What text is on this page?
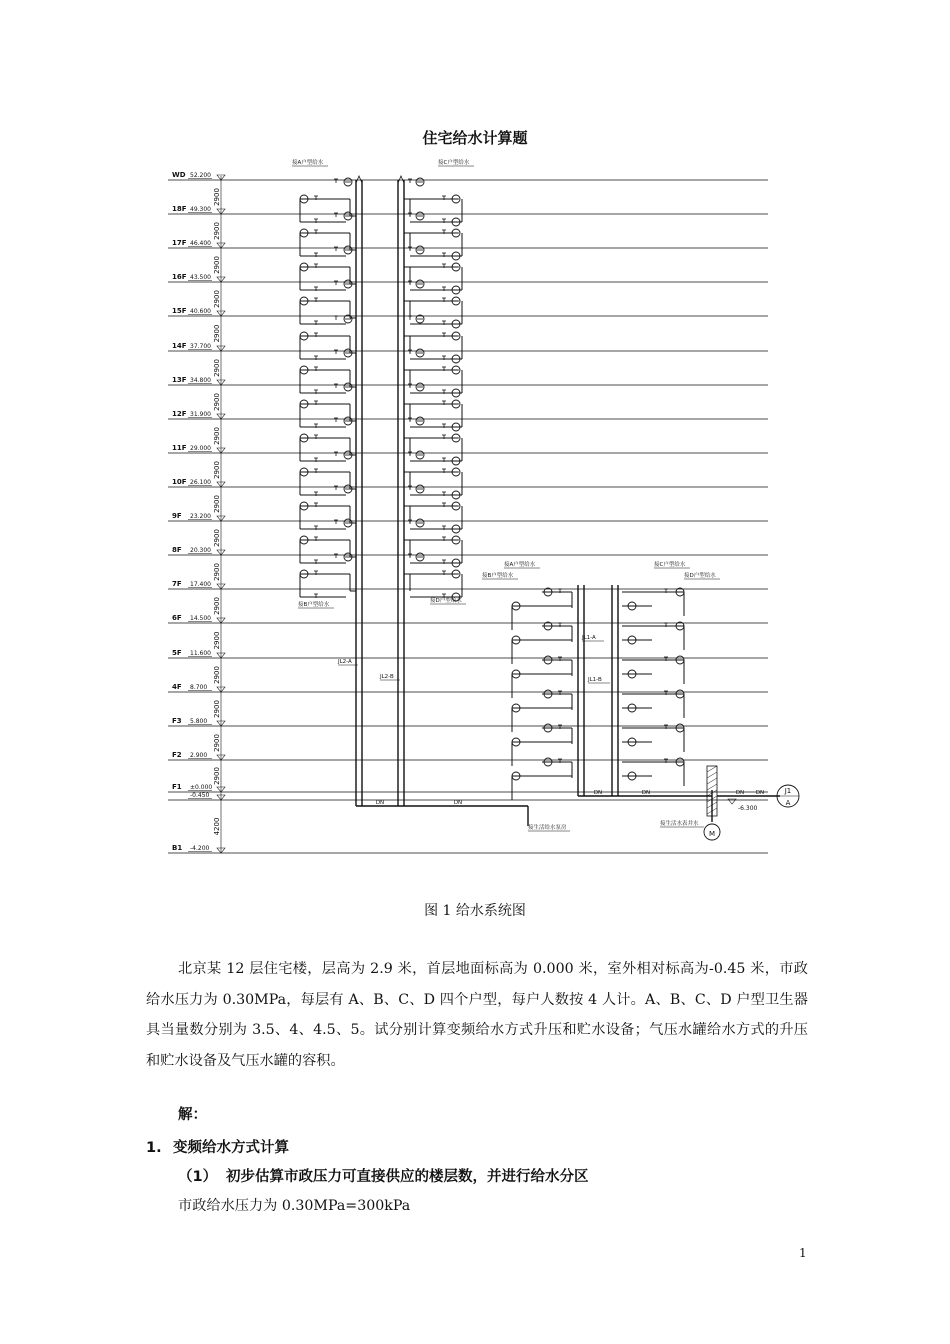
住宅给水计算题
WD 52.200
18F 49.300
17F 46.400
16F 43.500
15F 40.600
14F 37.700
13F 34.800
12F 31.900
11F 29.000
10F 26.100
9F 23.200
8F 20.300
7F 17.400
6F 14.500
5F 11.600
4F 8.700
F3 5.800
F2 2.900
F1 ±0.000
-0.450
B1 -4.200
2900
2900
2900
2900
2900
2900
2900
2900
2900
2900
2900
2900
2900
2900
2900
2900
2900
2900
4200
J1
A
M
-6.300
DN	DN
DN	DN	DN DN
JL2-A
JL2-B
JL1-A
JL1-B
接A户型给水	接C户型给水
接B户型给水
接D户型给水
接A户型给水
接B户型给水
接C户型给水
接D户型给水
接生活给水泵房
接生活水表井水
图 1 给水系统图
北京某 12 层住宅楼，层高为 2.9 米，首层地面标高为 0.000 米，室外相对标高为-0.45 米，市政给水压力为 0.30MPa，每层有 A、B、C、D 四个户型，每户人数按 4 人计。A、B、C、D 户型卫生器具当量数分别为 3.5、4、4.5、5。试分别计算变频给水方式升压和贮水设备；气压水罐给水方式的升压和贮水设备及气压水罐的容积。
解：
1. 变频给水方式计算
（1） 初步估算市政压力可直接供应的楼层数，并进行给水分区
市政给水压力为 0.30MPa=300kPa
1
